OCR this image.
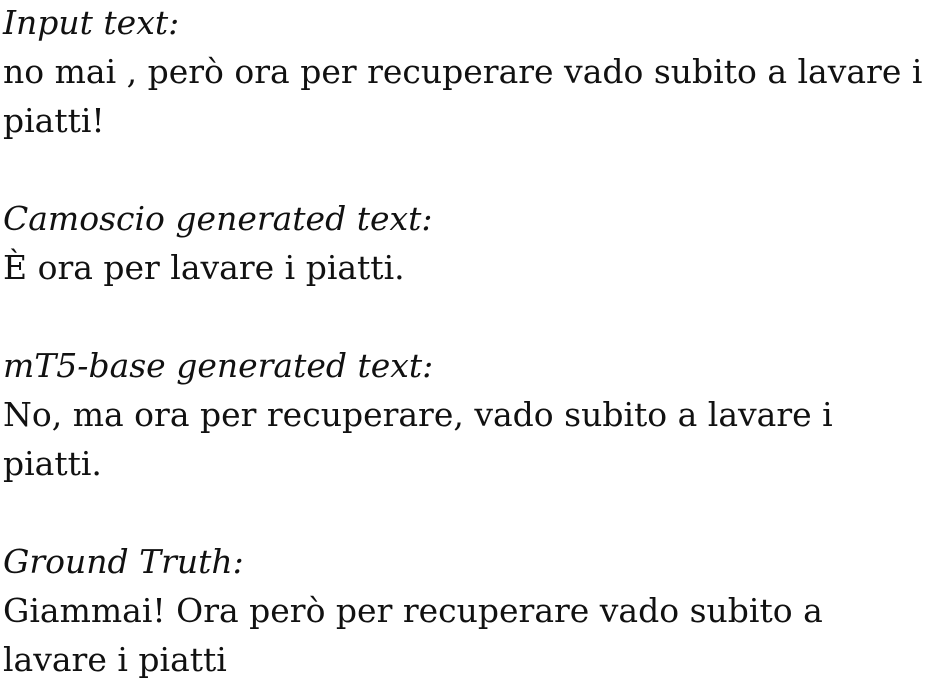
Input text:
no mai , però ora per recuperare vado subito a lavare i piatti!
Camoscio generated text:
È ora per lavare i piatti.
mT5-base generated text:
No, ma ora per recuperare, vado subito a lavare i piatti.
Ground Truth:
Giammai! Ora però per recuperare vado subito a lavare i piatti
